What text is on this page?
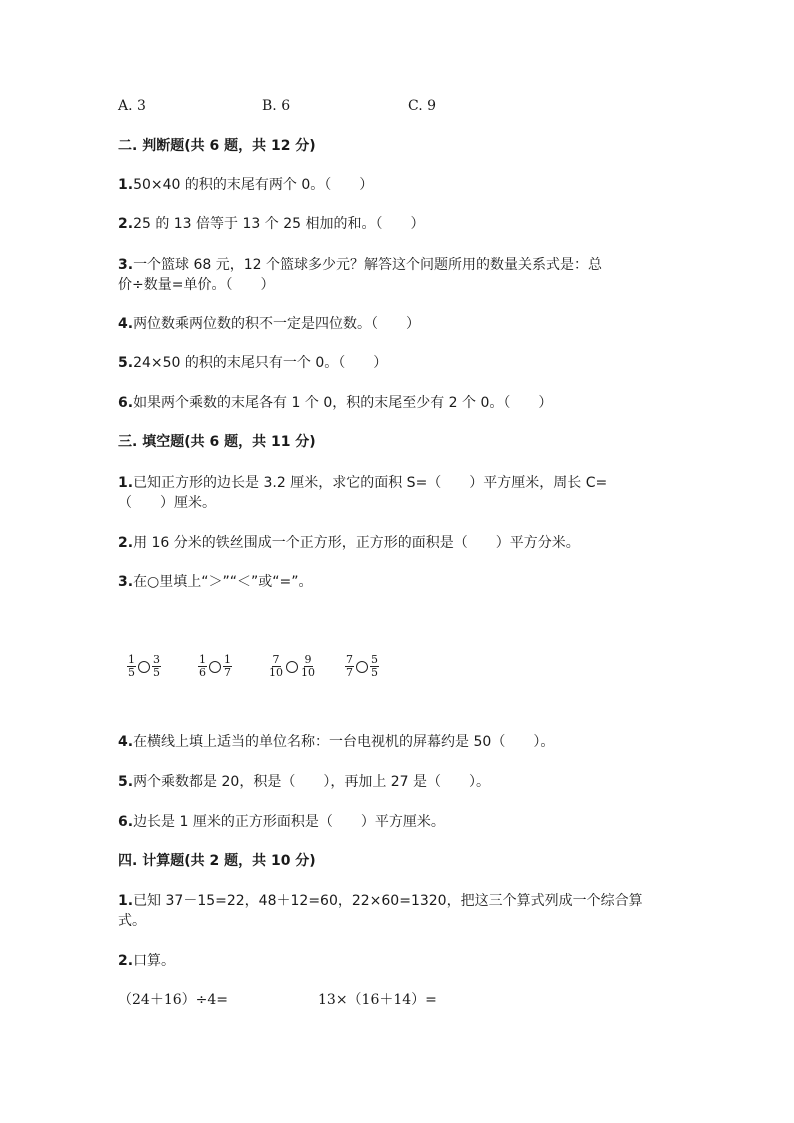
A. 3	B. 6	C. 9
二. 判断题(共 6 题，共 12 分)
1.50×40 的积的末尾有两个 0。（　　）
2.25 的 13 倍等于 13 个 25 相加的和。（　　）
3.一个篮球 68 元，12 个篮球多少元？解答这个问题所用的数量关系式是：总
价÷数量=单价。（　　）
4.两位数乘两位数的积不一定是四位数。（　　）
5.24×50 的积的末尾只有一个 0。（　　）
6.如果两个乘数的末尾各有 1 个 0，积的末尾至少有 2 个 0。（　　）
三. 填空题(共 6 题，共 11 分)
1.已知正方形的边长是 3.2 厘米，求它的面积 S=（　　）平方厘米，周长 C=
（　　）厘米。
2.用 16 分米的铁丝围成一个正方形，正方形的面积是（　　）平方分米。
3.在○里填上“＞”“＜”或“=”。
$\frac{1}{5} \frac{3}{5}$	$\frac{1}{6} \frac{1}{7}$	$\frac{7}{10} \frac{9}{10}$	$\frac{7}{7} \frac{5}{5}$
4.在横线上填上适当的单位名称：一台电视机的屏幕约是 50（　　）。
5.两个乘数都是 20，积是（　　），再加上 27 是（　　）。
6.边长是 1 厘米的正方形面积是（　　）平方厘米。
四. 计算题(共 2 题，共 10 分)
1.已知 37－15=22，48＋12=60，22×60=1320，把这三个算式列成一个综合算
式。
2.口算。
（24＋16）÷4=	13×（16＋14）=
